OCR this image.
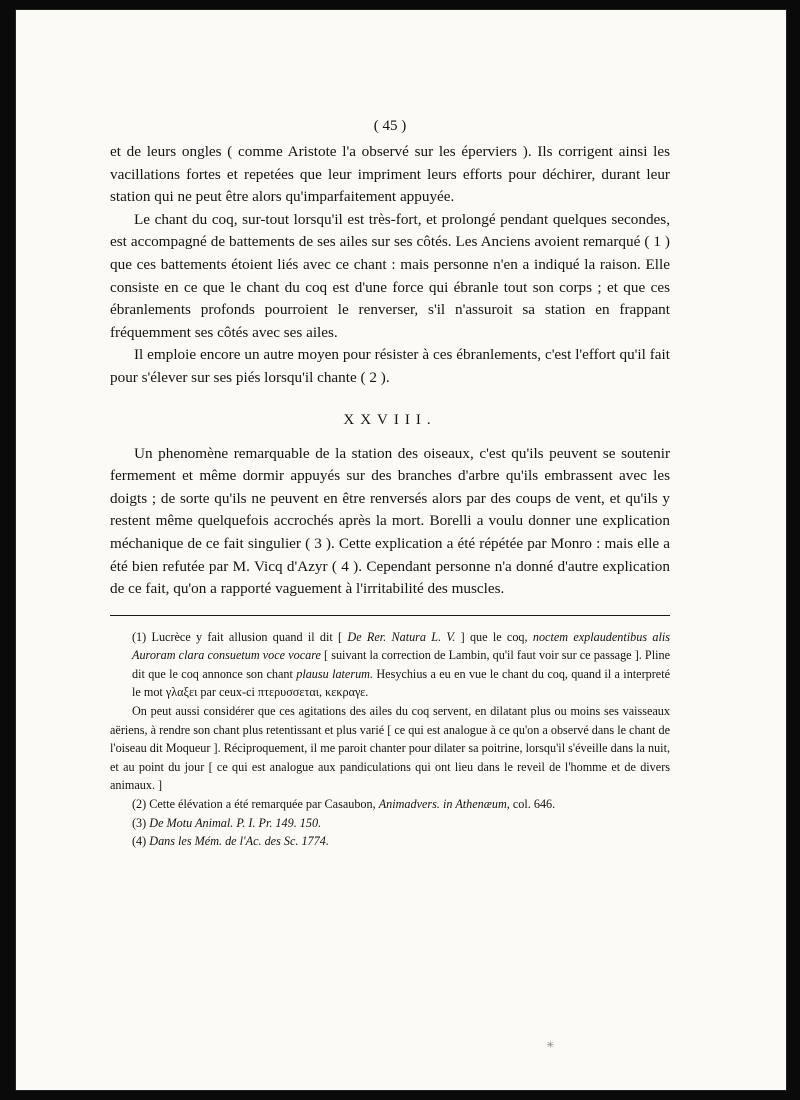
( 45 )

et de leurs ongles ( comme Aristote l'a observé sur les éperviers ). Ils corrigent ainsi les vacillations fortes et repetées que leur impriment leurs efforts pour déchirer, durant leur station qui ne peut être alors qu'imparfaitement appuyée.

Le chant du coq, sur-tout lorsqu'il est très-fort, et prolongé pendant quelques secondes, est accompagné de battements de ses ailes sur ses côtés. Les Anciens avoient remarqué ( 1 ) que ces battements étoient liés avec ce chant : mais personne n'en a indiqué la raison. Elle consiste en ce que le chant du coq est d'une force qui ébranle tout son corps ; et que ces ébranlements profonds pourroient le renverser, s'il n'assuroit sa station en frappant fréquemment ses côtés avec ses ailes.

Il emploie encore un autre moyen pour résister à ces ébranlements, c'est l'effort qu'il fait pour s'élever sur ses piés lorsqu'il chante ( 2 ).

XXVIII.

Un phenomène remarquable de la station des oiseaux, c'est qu'ils peuvent se soutenir fermement et même dormir appuyés sur des branches d'arbre qu'ils embrassent avec les doigts ; de sorte qu'ils ne peuvent en être renversés alors par des coups de vent, et qu'ils y restent même quelquefois accrochés après la mort. Borelli a voulu donner une explication méchanique de ce fait singulier ( 3 ). Cette explication a été répétée par Monro : mais elle a été bien refutée par M. Vicq d'Azyr ( 4 ). Cependant personne n'a donné d'autre explication de ce fait, qu'on a rapporté vaguement à l'irritabilité des muscles.

(1) Lucrèce y fait allusion quand il dit [ De Rer. Natura L. V. ] que le coq, noctem explaudentibus alis Auroram clara consuetum voce vocare [ suivant la correction de Lambin, qu'il faut voir sur ce passage ]. Pline dit que le coq annonce son chant plausu laterum. Hesychius a eu en vue le chant du coq, quand il a interpreté le mot γλαξει par ceux-ci πτερυσσεται, κεκραγε.

On peut aussi considérer que ces agitations des ailes du coq servent, en dilatant plus ou moins ses vaisseaux aëriens, à rendre son chant plus retentissant et plus varié [ ce qui est analogue à ce qu'on a observé dans le chant de l'oiseau dit Moqueur ]. Réciproquement, il me paroit chanter pour dilater sa poitrine, lorsqu'il s'éveille dans la nuit, et au point du jour [ ce qui est analogue aux pandiculations qui ont lieu dans le reveil de l'homme et de divers animaux. ]

(2) Cette élévation a été remarquée par Casaubon, Animadvers. in Athenæum, col. 646.

(3) De Motu Animal. P. I. Pr. 149. 150.

(4) Dans les Mém. de l'Ac. des Sc. 1774.

✳
